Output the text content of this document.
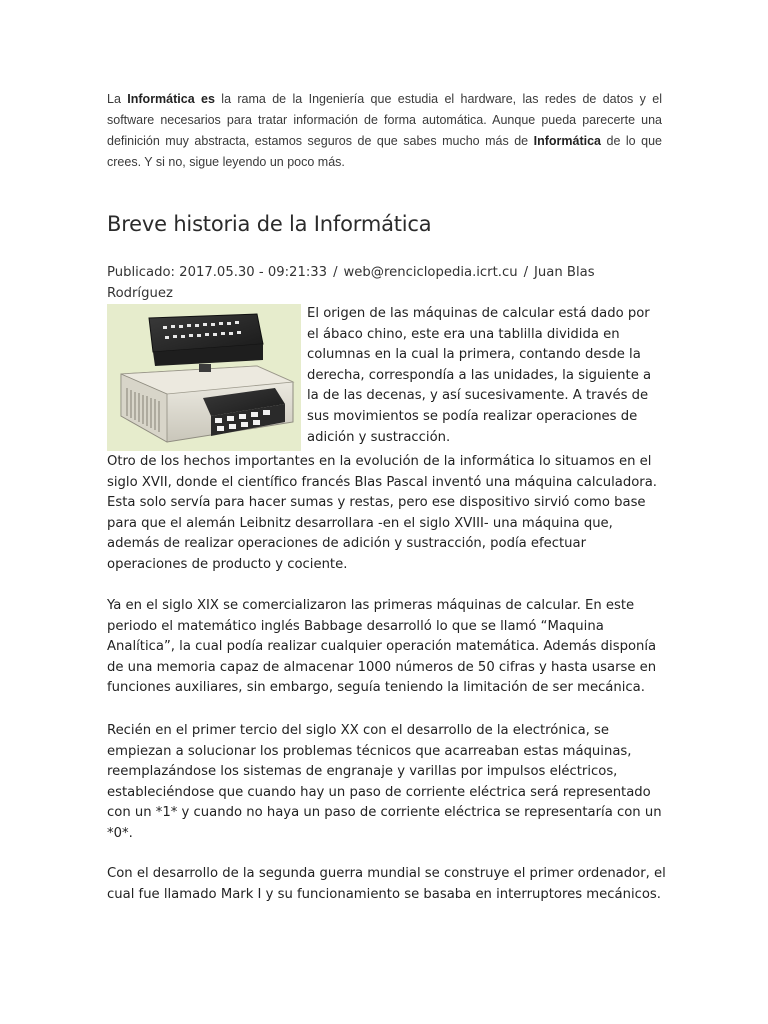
La Informática es la rama de la Ingeniería que estudia el hardware, las redes de datos y el software necesarios para tratar información de forma automática. Aunque pueda parecerte una definición muy abstracta, estamos seguros de que sabes mucho más de Informática de lo que crees. Y si no, sigue leyendo un poco más.

Breve historia de la Informática

Publicado: 2017.05.30 - 09:21:33 / web@renciclopedia.icrt.cu / Juan Blas Rodríguez

El origen de las máquinas de calcular está dado por el ábaco chino, este era una tablilla dividida en columnas en la cual la primera, contando desde la derecha, correspondía a las unidades, la siguiente a la de las decenas, y así sucesivamente. A través de sus movimientos se podía realizar operaciones de adición y sustracción.

Otro de los hechos importantes en la evolución de la informática lo situamos en el siglo XVII, donde el científico francés Blas Pascal inventó una máquina calculadora. Esta solo servía para hacer sumas y restas, pero ese dispositivo sirvió como base para que el alemán Leibnitz desarrollara -en el siglo XVIII- una máquina que, además de realizar operaciones de adición y sustracción, podía efectuar operaciones de producto y cociente.

Ya en el siglo XIX se comercializaron las primeras máquinas de calcular. En este periodo el matemático inglés Babbage desarrolló lo que se llamó “Maquina Analítica”, la cual podía realizar cualquier operación matemática. Además disponía de una memoria capaz de almacenar 1000 números de 50 cifras y hasta usarse en funciones auxiliares, sin embargo, seguía teniendo la limitación de ser mecánica.

Recién en el primer tercio del siglo XX con el desarrollo de la electrónica, se empiezan a solucionar los problemas técnicos que acarreaban estas máquinas, reemplazándose los sistemas de engranaje y varillas por impulsos eléctricos, estableciéndose que cuando hay un paso de corriente eléctrica será representado con un *1* y cuando no haya un paso de corriente eléctrica se representaría con un *0*.

Con el desarrollo de la segunda guerra mundial se construye el primer ordenador, el cual fue llamado Mark I y su funcionamiento se basaba en interruptores mecánicos.
